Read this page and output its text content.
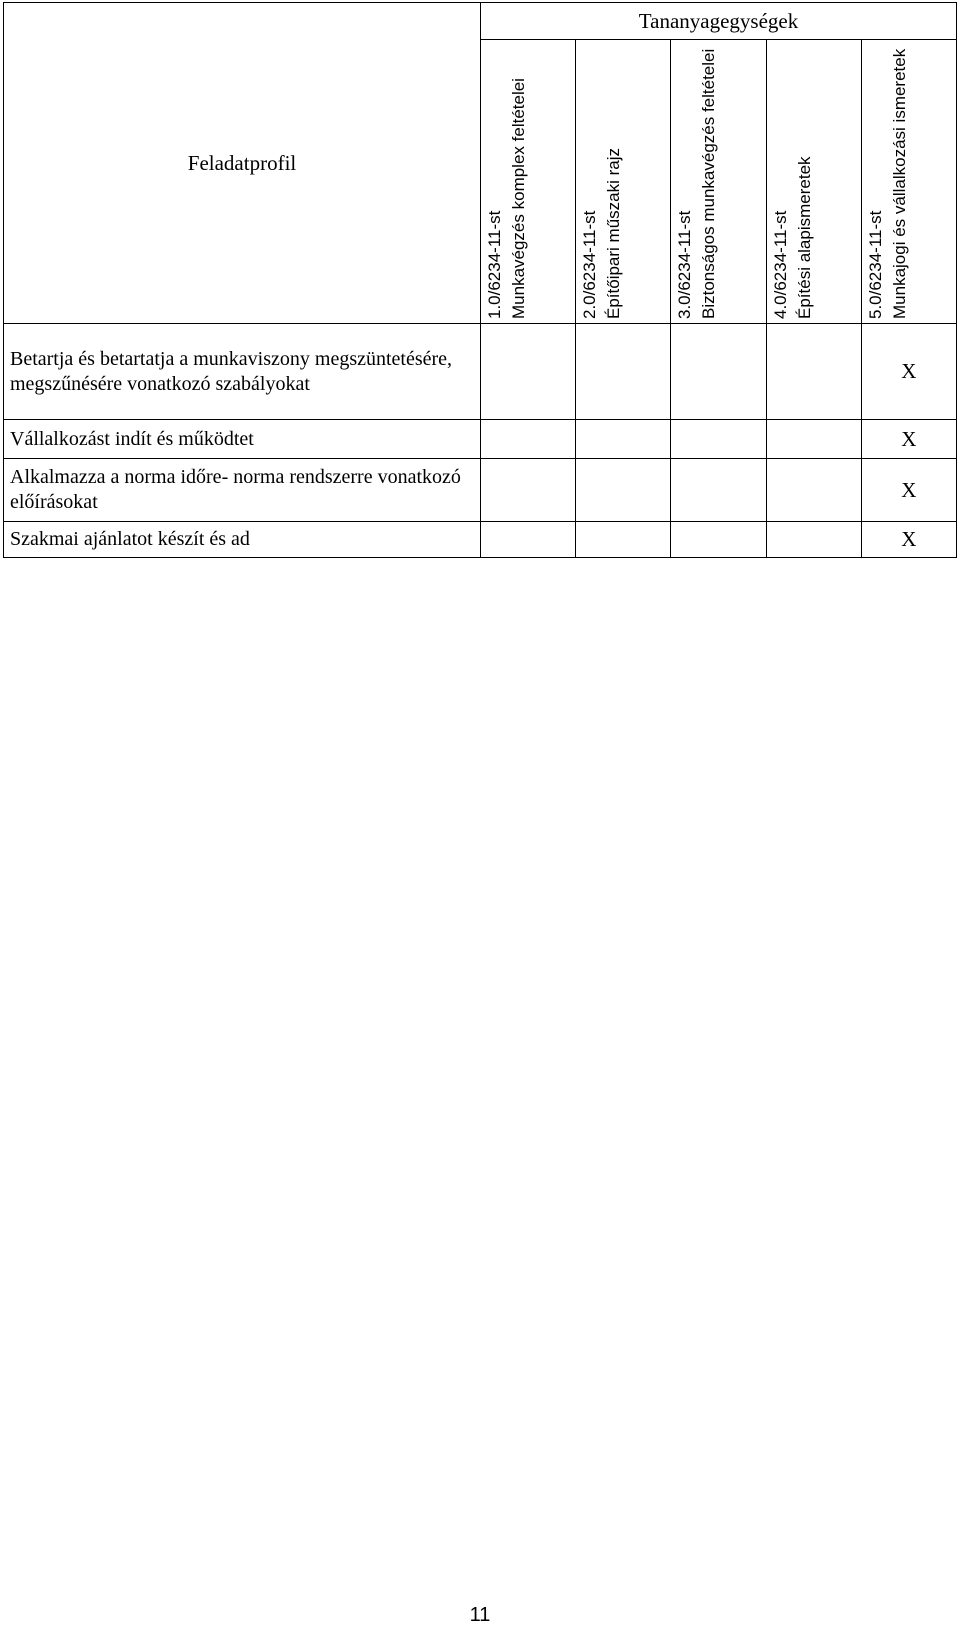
Feladatprofil	Tananyagegységek				

	1.0/6234-11-st Munkavégzés komplex feltételei	2.0/6234-11-st Építőipari műszaki rajz	3.0/6234-11-st Biztonságos munkavégzés feltételei	4.0/6234-11-st Építési alapismeretek	5.0/6234-11-st Munkajogi és vállalkozási ismeretek

Betartja és betartatja a munkaviszony megszüntetésére, megszűnésére vonatkozó szabályokat					X
Vállalkozást indít és működtet					X
Alkalmazza a norma időre- norma rendszerre vonatkozó előírásokat					X
Szakmai ajánlatot készít és ad					X
11
